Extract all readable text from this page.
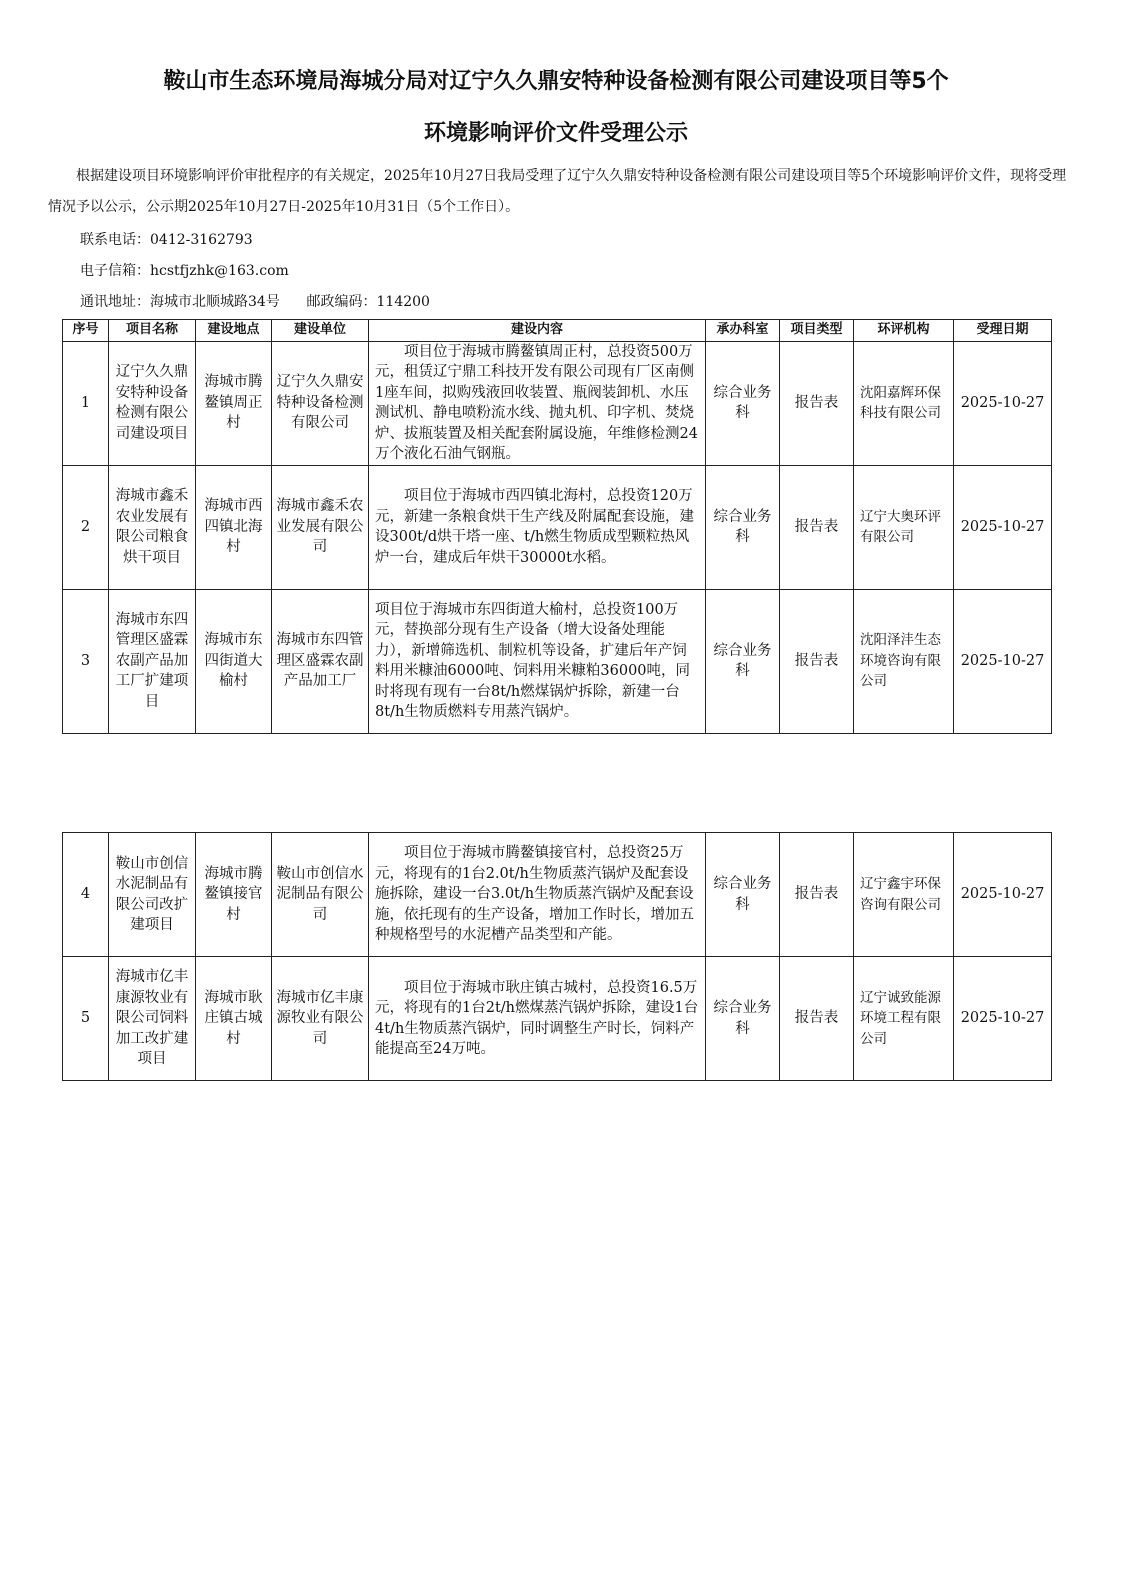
鞍山市生态环境局海城分局对辽宁久久鼎安特种设备检测有限公司建设项目等5个
环境影响评价文件受理公示
根据建设项目环境影响评价审批程序的有关规定，2025年10月27日我局受理了辽宁久久鼎安特种设备检测有限公司建设项目等5个环境影响评价文件，现将受理情况予以公示，公示期2025年10月27日-2025年10月31日（5个工作日）。
联系电话：0412-3162793
电子信箱：hcstfjzhk@163.com
通讯地址：海城市北顺城路34号      邮政编码：114200
序号	项目名称	建设地点	建设单位	建设内容	承办科室	项目类型	环评机构	受理日期
1	辽宁久久鼎安特种设备检测有限公司建设项目	海城市腾鳌镇周正村	辽宁久久鼎安特种设备检测有限公司	　　项目位于海城市腾鳌镇周正村，总投资500万元，租赁辽宁鼎工科技开发有限公司现有厂区南侧1座车间，拟购残液回收装置、瓶阀装卸机、水压测试机、静电喷粉流水线、抛丸机、印字机、焚烧炉、拔瓶装置及相关配套附属设施，年维修检测24万个液化石油气钢瓶。	综合业务科	报告表	沈阳嘉辉环保科技有限公司	2025-10-27
2	海城市鑫禾农业发展有限公司粮食烘干项目	海城市西四镇北海村	海城市鑫禾农业发展有限公司	　　项目位于海城市西四镇北海村，总投资120万元，新建一条粮食烘干生产线及附属配套设施，建设300t/d烘干塔一座、t/h燃生物质成型颗粒热风炉一台，建成后年烘干30000t水稻。	综合业务科	报告表	辽宁大奥环评有限公司	2025-10-27
3	海城市东四管理区盛霖农副产品加工厂扩建项目	海城市东四街道大榆村	海城市东四管理区盛霖农副产品加工厂	项目位于海城市东四街道大榆村，总投资100万元，替换部分现有生产设备（增大设备处理能力），新增筛选机、制粒机等设备，扩建后年产饲料用米糠油6000吨、饲料用米糠粕36000吨，同时将现有现有一台8t/h燃煤锅炉拆除，新建一台8t/h生物质燃料专用蒸汽锅炉。	综合业务科	报告表	沈阳泽沣生态环境咨询有限公司	2025-10-27
4	鞍山市创信水泥制品有限公司改扩建项目	海城市腾鳌镇接官村	鞍山市创信水泥制品有限公司	　　项目位于海城市腾鳌镇接官村，总投资25万元，将现有的1台2.0t/h生物质蒸汽锅炉及配套设施拆除，建设一台3.0t/h生物质蒸汽锅炉及配套设施，依托现有的生产设备，增加工作时长，增加五种规格型号的水泥槽产品类型和产能。	综合业务科	报告表	辽宁鑫宇环保咨询有限公司	2025-10-27
5	海城市亿丰康源牧业有限公司饲料加工改扩建项目	海城市耿庄镇古城村	海城市亿丰康源牧业有限公司	　　项目位于海城市耿庄镇古城村，总投资16.5万元，将现有的1台2t/h燃煤蒸汽锅炉拆除，建设1台4t/h生物质蒸汽锅炉，同时调整生产时长，饲料产能提高至24万吨。	综合业务科	报告表	辽宁诚致能源环境工程有限公司	2025-10-27
